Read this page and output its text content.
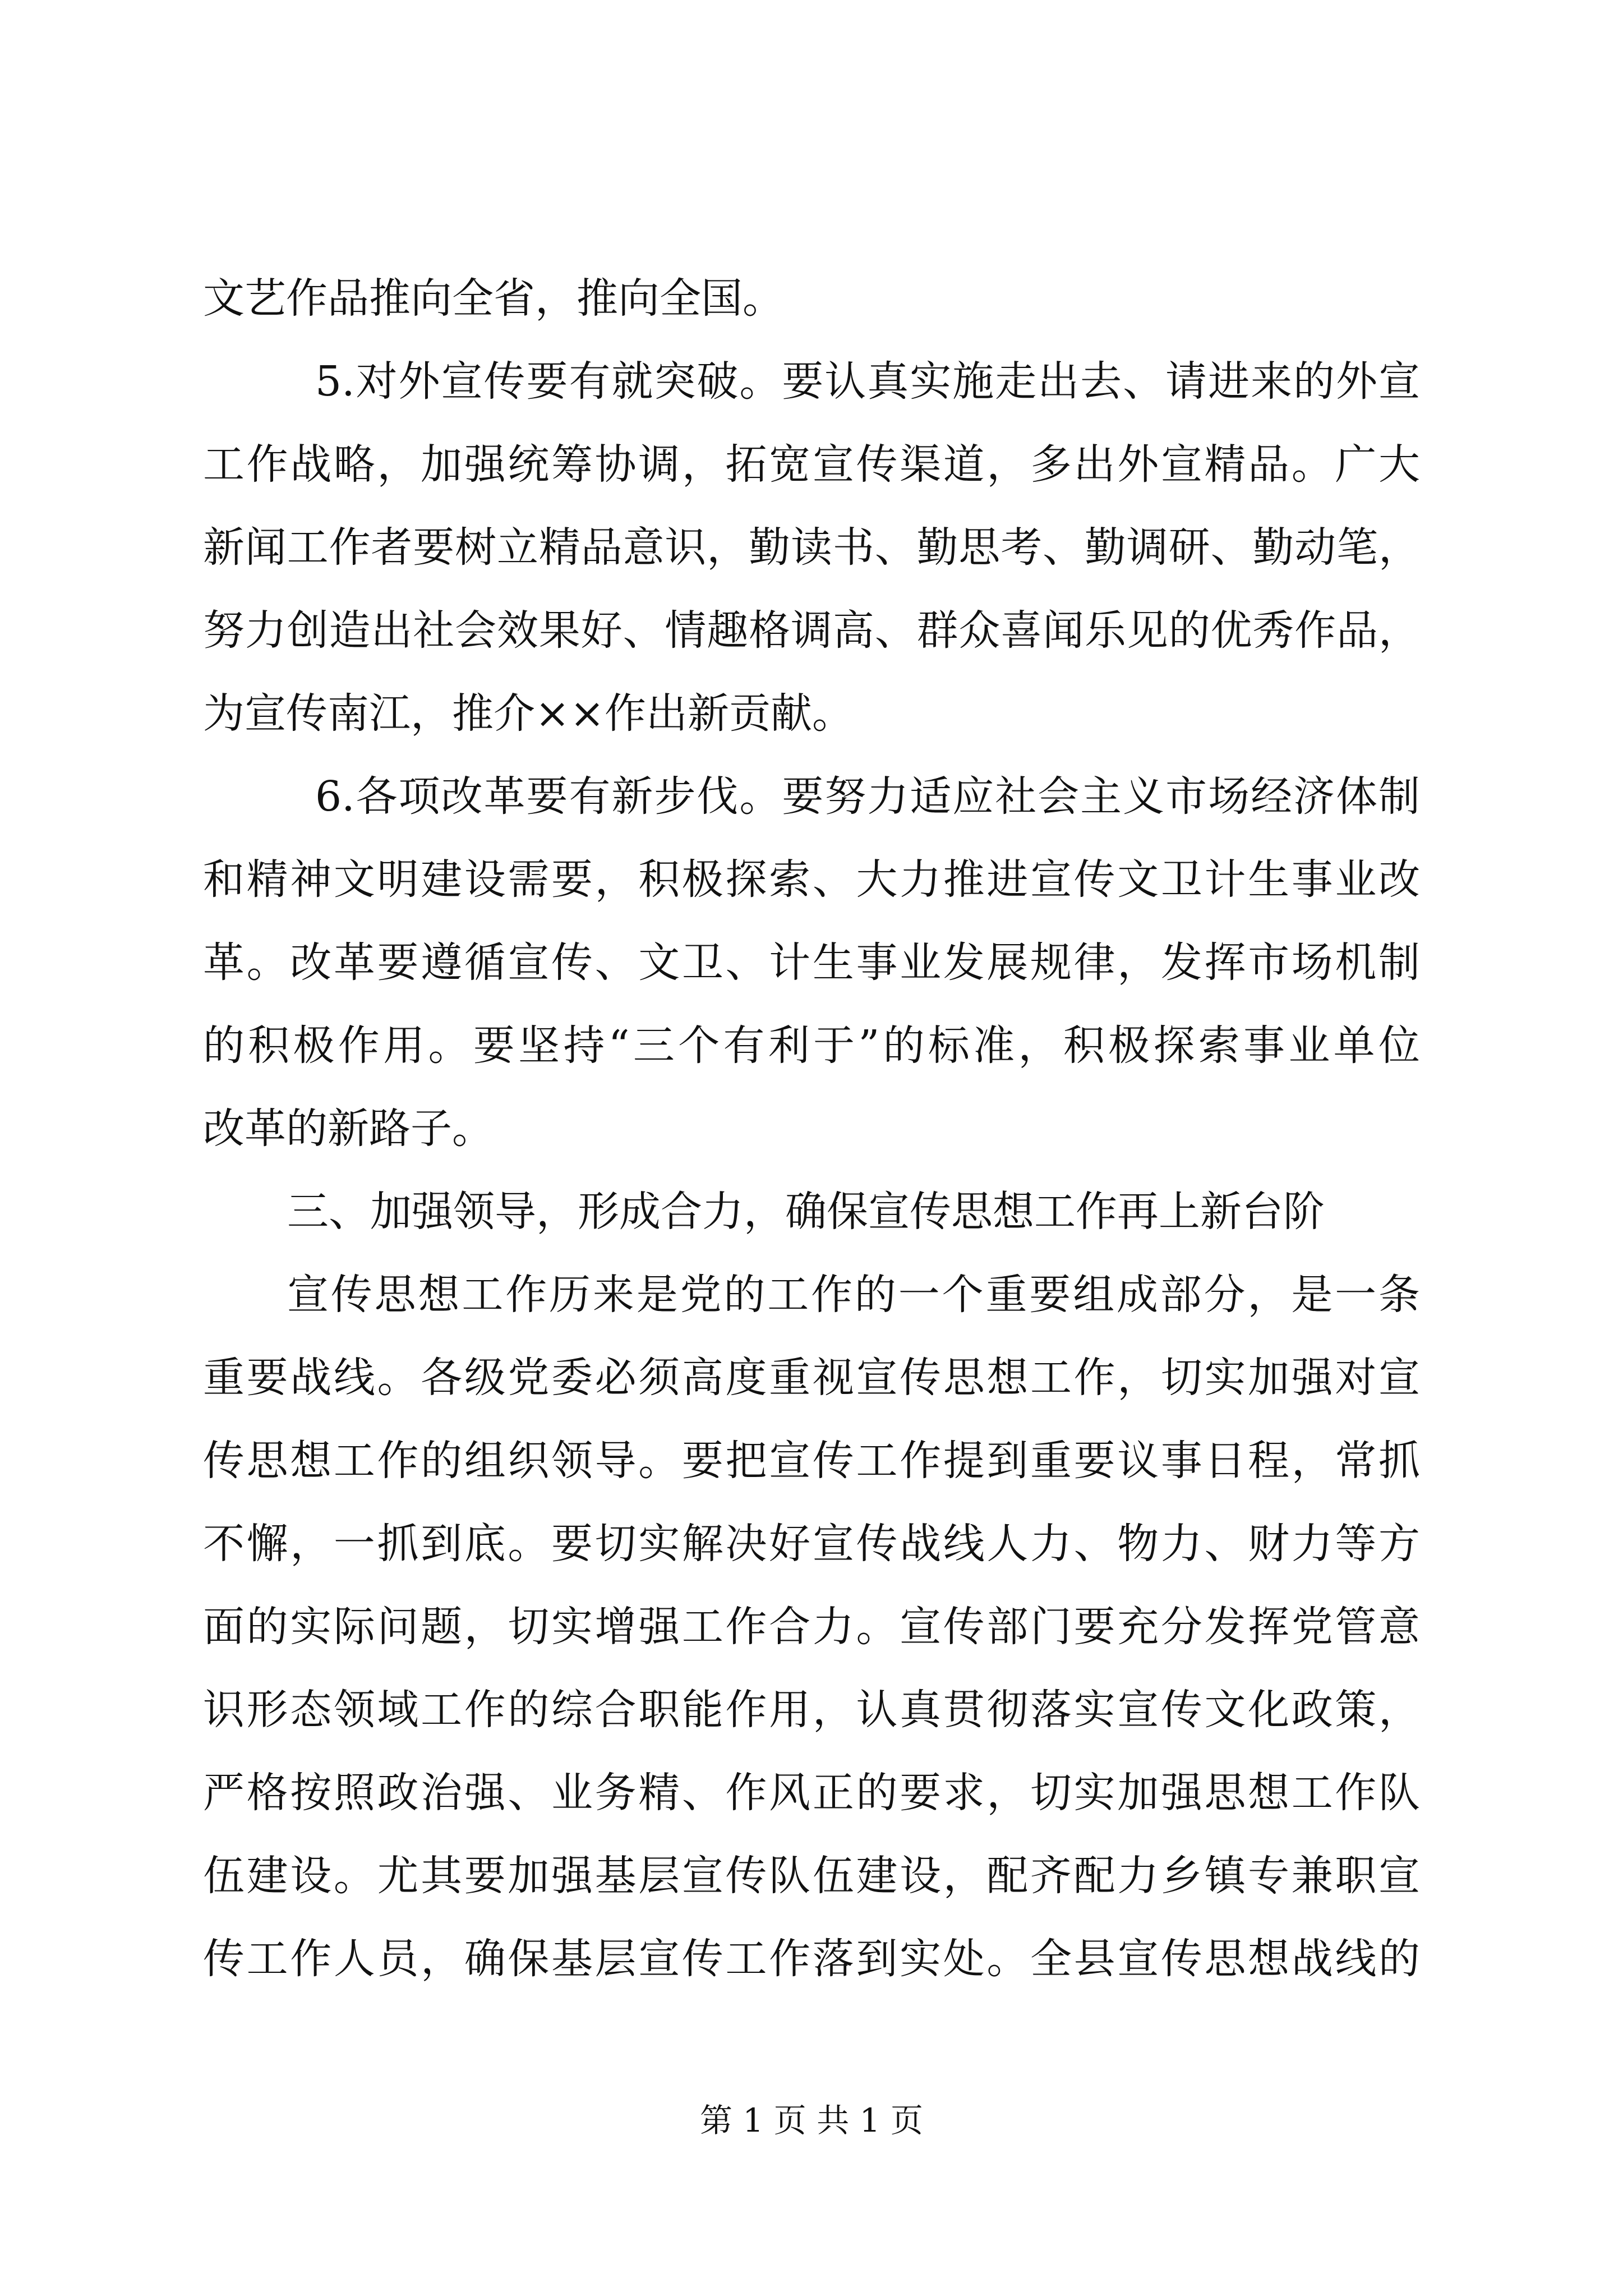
文艺作品推向全省，推向全国。
5.对外宣传要有就突破。要认真实施走出去、请进来的外宣
工作战略，加强统筹协调，拓宽宣传渠道，多出外宣精品。广大
新闻工作者要树立精品意识，勤读书、勤思考、勤调研、勤动笔，
努力创造出社会效果好、情趣格调高、群众喜闻乐见的优秀作品，
为宣传南江，推介××作出新贡献。
6.各项改革要有新步伐。要努力适应社会主义市场经济体制
和精神文明建设需要，积极探索、大力推进宣传文卫计生事业改
革。改革要遵循宣传、文卫、计生事业发展规律，发挥市场机制
的积极作用。要坚持“三个有利于”的标准，积极探索事业单位
改革的新路子。
三、加强领导，形成合力，确保宣传思想工作再上新台阶
宣传思想工作历来是党的工作的一个重要组成部分，是一条
重要战线。各级党委必须高度重视宣传思想工作，切实加强对宣
传思想工作的组织领导。要把宣传工作提到重要议事日程，常抓
不懈，一抓到底。要切实解决好宣传战线人力、物力、财力等方
面的实际问题，切实增强工作合力。宣传部门要充分发挥党管意
识形态领域工作的综合职能作用，认真贯彻落实宣传文化政策，
严格按照政治强、业务精、作风正的要求，切实加强思想工作队
伍建设。尤其要加强基层宣传队伍建设，配齐配力乡镇专兼职宣
传工作人员，确保基层宣传工作落到实处。全县宣传思想战线的
第 1 页 共 1 页
